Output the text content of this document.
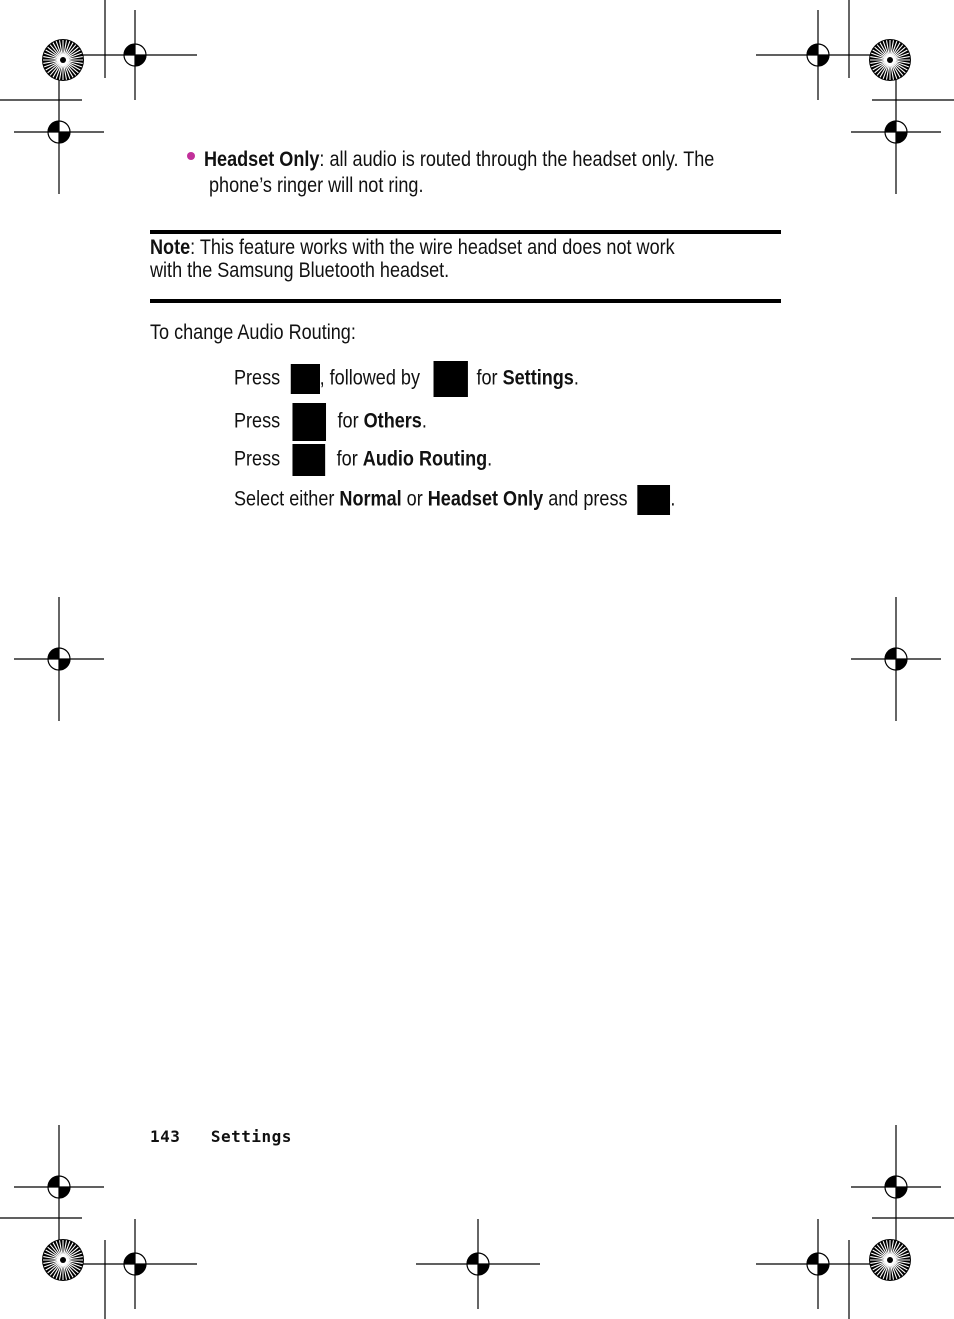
Headset Only: all audio is routed through the headset only. The
phone’s ringer will not ring.
Note: This feature works with the wire headset and does not work
with the Samsung Bluetooth headset.
To change Audio Routing:
Press , followed by	for Settings.
Press	for Others.
Press	for Audio Routing.
Select either Normal or Headset Only and press .
143 Settings
